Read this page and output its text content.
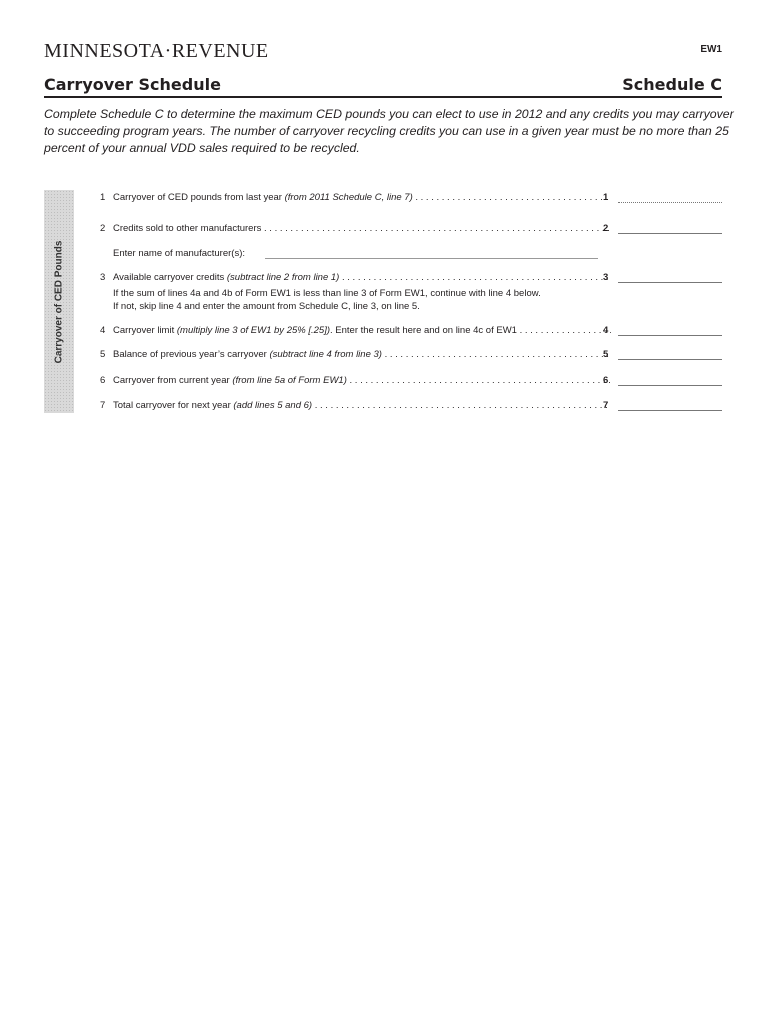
MINNESOTA·REVENUE	EW1
Carryover Schedule	Schedule C
Complete Schedule C to determine the maximum CED pounds you can elect to use in 2012 and any credits you may carryover to succeeding program years. The number of carryover recycling credits you can use in a given year must be no more than 25 percent of your annual VDD sales required to be recycled.
Carryover of CED Pounds
1 Carryover of CED pounds from last year (from 2011 Schedule C, line 7) . . .	1
2 Credits sold to other manufacturers . . .	2
Enter name of manufacturer(s):
3 Available carryover credits (subtract line 2 from line 1) . . .	3
If the sum of lines 4a and 4b of Form EW1 is less than line 3 of Form EW1, continue with line 4 below.
If not, skip line 4 and enter the amount from Schedule C, line 3, on line 5.
4 Carryover limit (multiply line 3 of EW1 by 25% [.25]). Enter the result here and on line 4c of EW1 . . .	4
5 Balance of previous year’s carryover (subtract line 4 from line 3) . . .	5
6 Carryover from current year (from line 5a of Form EW1) . . .	6
7 Total carryover for next year (add lines 5 and 6) . . .	7
